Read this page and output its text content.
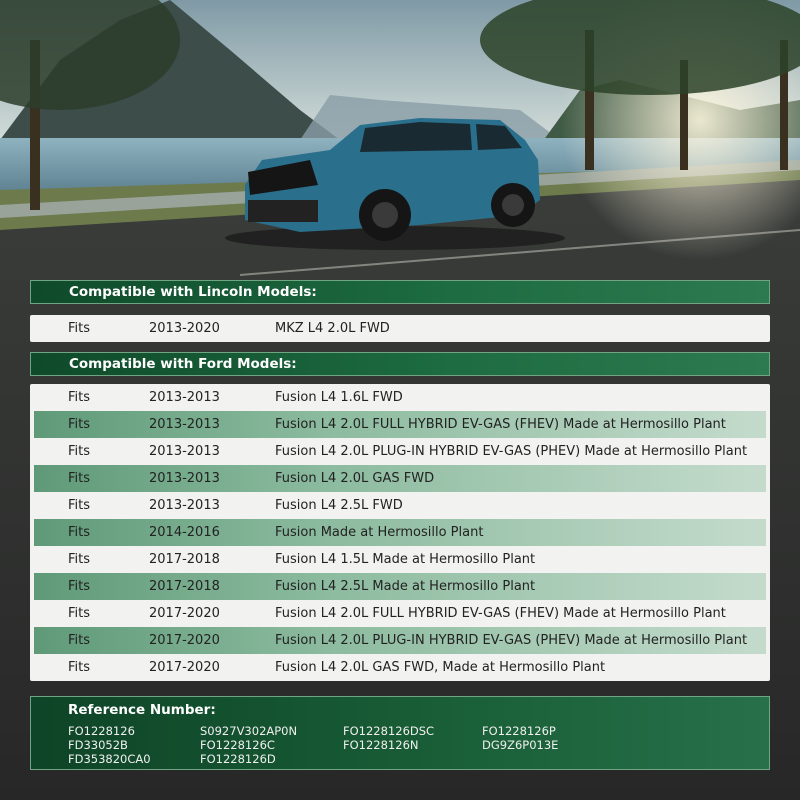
Compatible with Lincoln Models:
Fits	2013-2020	MKZ L4 2.0L FWD
Compatible with Ford Models:
Fits	2013-2013	Fusion L4 1.6L FWD
Fits	2013-2013	Fusion L4 2.0L FULL HYBRID EV-GAS (FHEV) Made at Hermosillo Plant
Fits	2013-2013	Fusion L4 2.0L PLUG-IN HYBRID EV-GAS (PHEV) Made at Hermosillo Plant
Fits	2013-2013	Fusion L4 2.0L GAS FWD
Fits	2013-2013	Fusion L4 2.5L FWD
Fits	2014-2016	Fusion Made at Hermosillo Plant
Fits	2017-2018	Fusion L4 1.5L Made at Hermosillo Plant
Fits	2017-2018	Fusion L4 2.5L Made at Hermosillo Plant
Fits	2017-2020	Fusion L4 2.0L FULL HYBRID EV-GAS (FHEV) Made at Hermosillo Plant
Fits	2017-2020	Fusion L4 2.0L PLUG-IN HYBRID EV-GAS (PHEV) Made at Hermosillo Plant
Fits	2017-2020	Fusion L4 2.0L GAS FWD, Made at Hermosillo Plant
Reference Number:
FO1228126	S0927V302AP0N	FO1228126DSC	FO1228126P
FD33052B	FO1228126C	FO1228126N	DG9Z6P013E
FD353820CA0	FO1228126D
